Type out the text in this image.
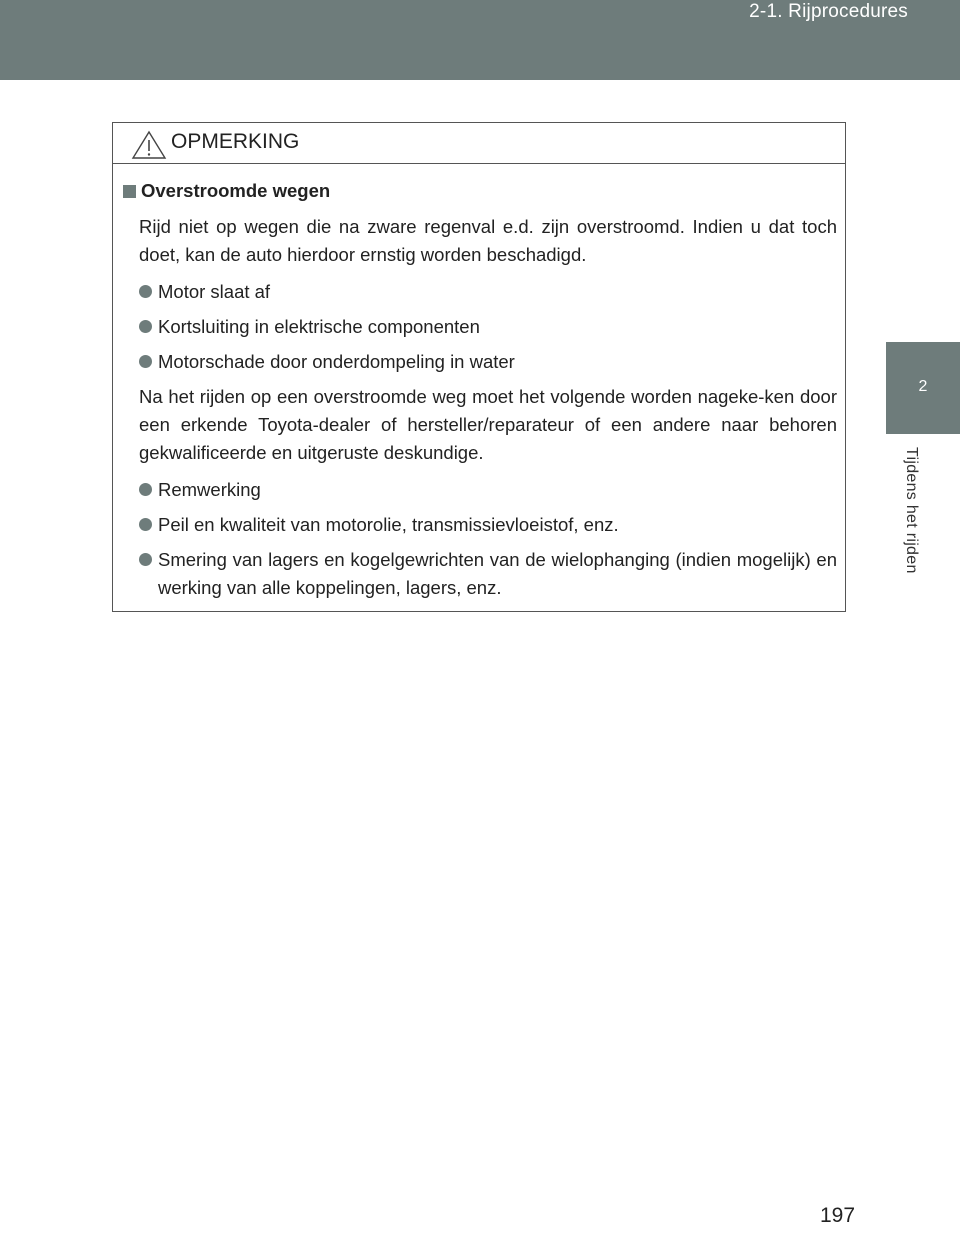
2-1. Rijprocedures
2
Tijdens het rijden
OPMERKING
Overstroomde wegen

Rijd niet op wegen die na zware regenval e.d. zijn overstroomd. Indien u dat toch doet, kan de auto hierdoor ernstig worden beschadigd.

Motor slaat af
Kortsluiting in elektrische componenten
Motorschade door onderdompeling in water

Na het rijden op een overstroomde weg moet het volgende worden nageke-ken door een erkende Toyota-dealer of hersteller/reparateur of een andere naar behoren gekwalificeerde en uitgeruste deskundige.

Remwerking
Peil en kwaliteit van motorolie, transmissievloeistof, enz.
Smering van lagers en kogelgewrichten van de wielophanging (indien mogelijk) en werking van alle koppelingen, lagers, enz.
197
